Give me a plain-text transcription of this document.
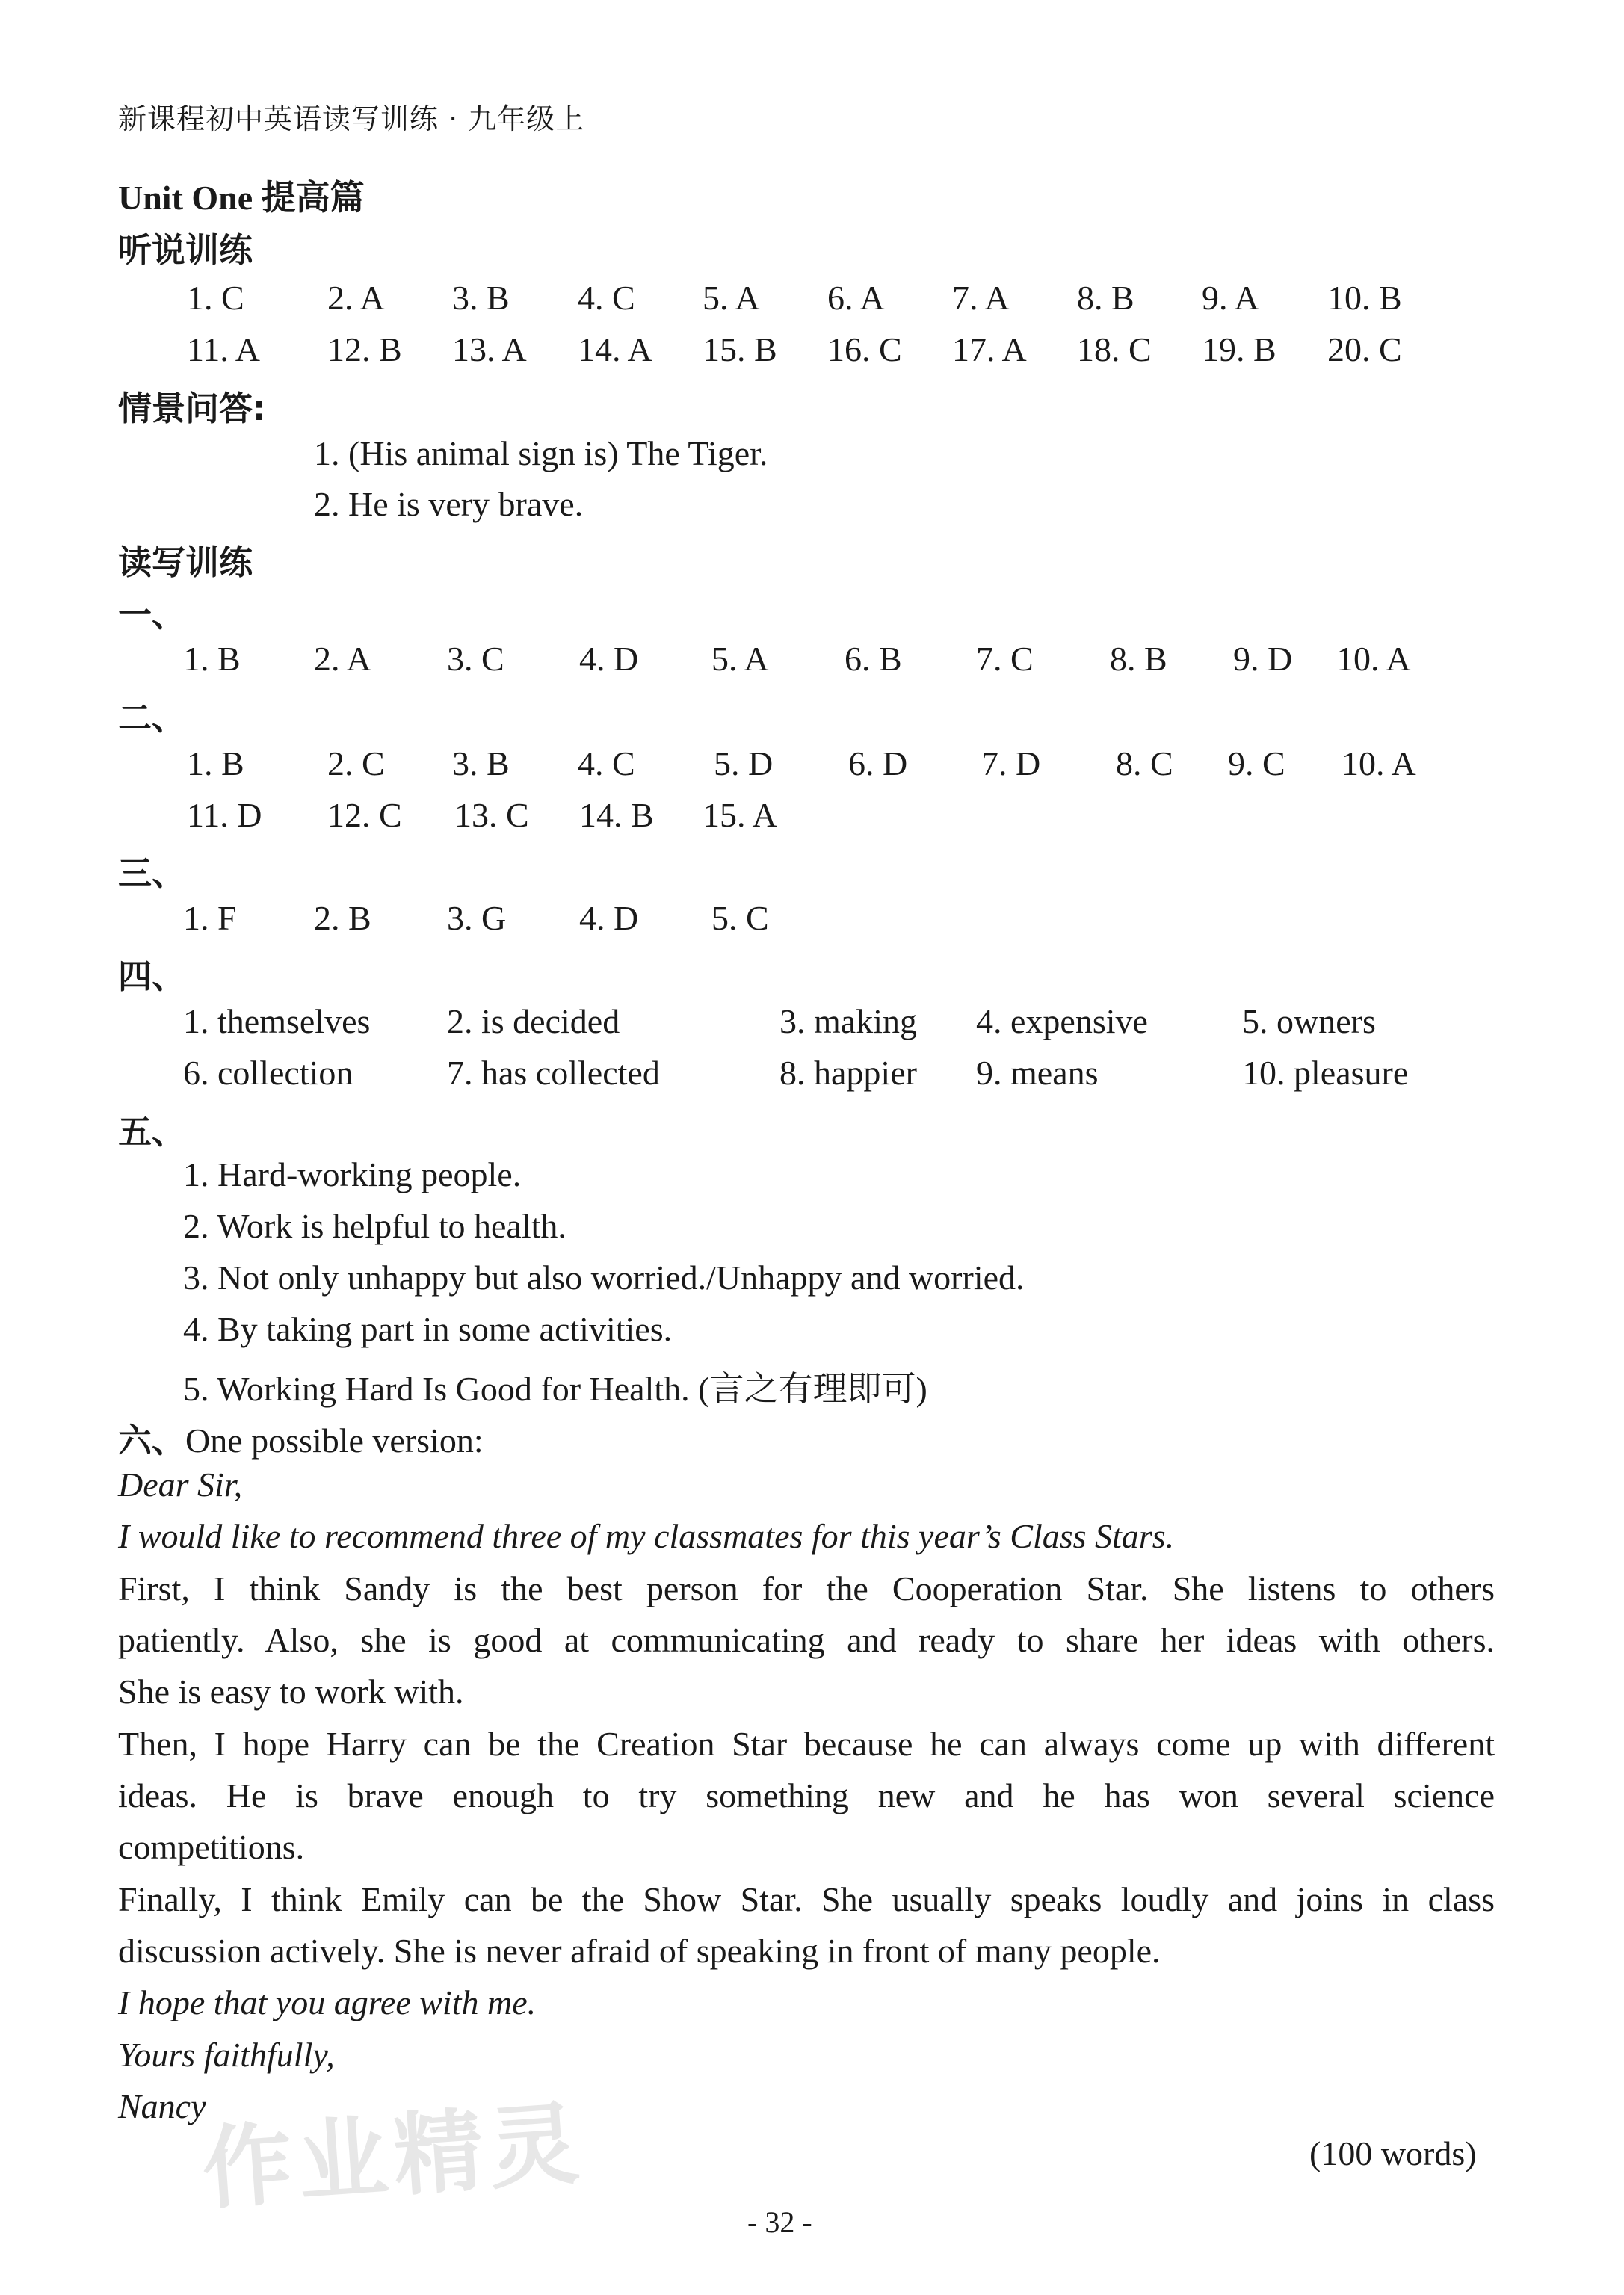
新课程初中英语读写训练 · 九年级上
Unit One 提高篇
听说训练
1. C 2. A 3. B 4. C 5. A 6. A 7. A 8. B 9. A 10. B
11. A 12. B 13. A 14. A 15. B 16. C 17. A 18. C 19. B 20. C
情景问答:
1. (His animal sign is) The Tiger.
2. He is very brave.
读写训练
一、
1. B 2. A 3. C 4. D 5. A 6. B 7. C 8. B 9. D 10. A
二、
1. B 2. C 3. B 4. C 5. D 6. D 7. D 8. C 9. C 10. A
11. D 12. C 13. C 14. B 15. A
三、
1. F 2. B 3. G 4. D 5. C
四、
1. themselves 2. is decided	3. making 4. expensive	5. owners
6. collection	7. has collected	8. happier 9. means	10. pleasure
五、
1. Hard-working people.
2. Work is helpful to health.
3. Not only unhappy but also worried./Unhappy and worried.
4. By taking part in some activities.
5. Working Hard Is Good for Health. (言之有理即可)
六、One possible version:
Dear Sir,
I would like to recommend three of my classmates for this year’s Class Stars.
First, I think Sandy is the best person for the Cooperation Star. She listens to others
patiently. Also, she is good at communicating and ready to share her ideas with others.
She is easy to work with.
Then, I hope Harry can be the Creation Star because he can always come up with different
ideas. He is brave enough to try something new and he has won several science
competitions.
Finally, I think Emily can be the Show Star. She usually speaks loudly and joins in class
discussion actively. She is never afraid of speaking in front of many people.
I hope that you agree with me.
Yours faithfully,
Nancy
(100 words)
作业精灵	- 32 -
